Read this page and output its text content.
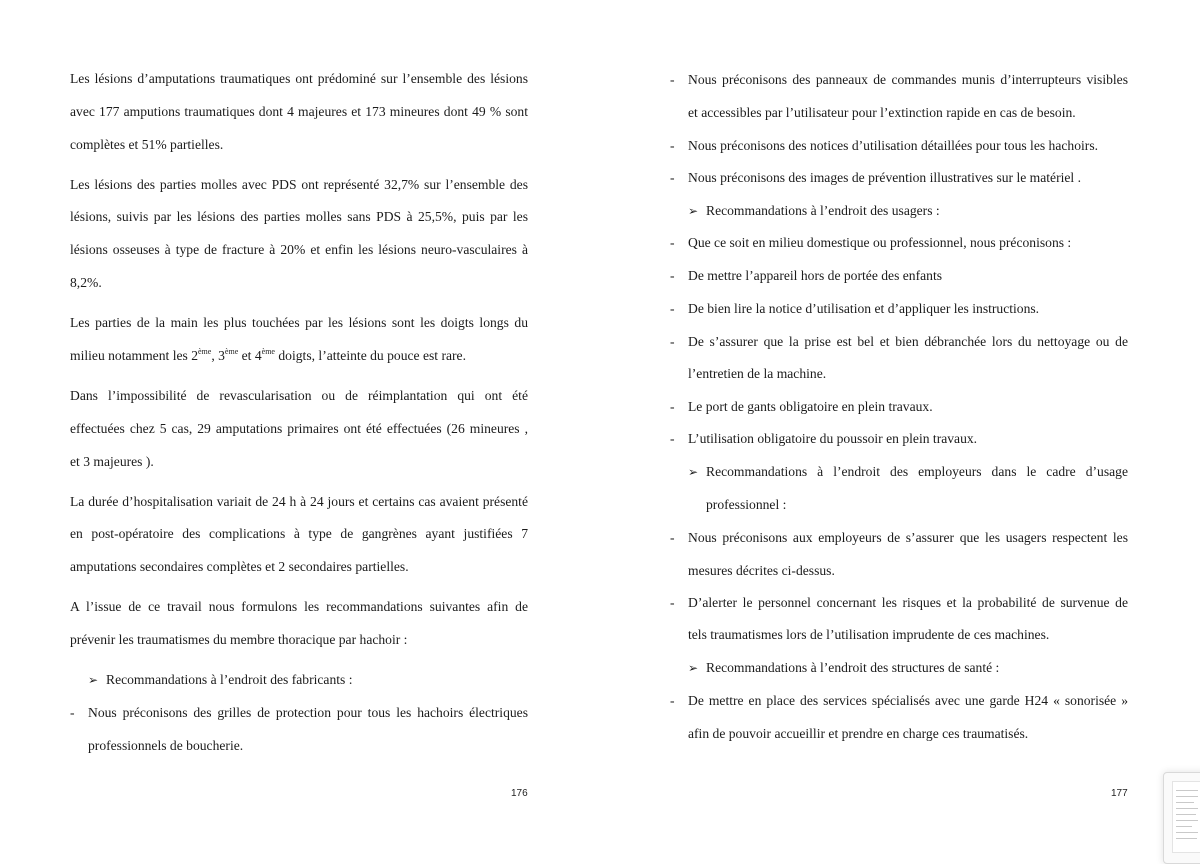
Les lésions d’amputations traumatiques ont prédominé sur l’ensemble des lésions
avec 177 amputions traumatiques dont 4 majeures et 173 mineures dont 49 % sont
complètes et 51% partielles.
Les lésions des parties molles avec PDS ont représenté 32,7% sur l’ensemble des
lésions, suivis par les lésions des parties molles sans PDS à 25,5%, puis par les
lésions osseuses à type de fracture à 20% et enfin les lésions neuro-vasculaires à
8,2%.
Les parties de la main les plus touchées par les lésions sont les doigts longs du
milieu notamment les 2ème, 3ème et 4ème doigts, l’atteinte du pouce est rare.
Dans l’impossibilité de revascularisation ou de réimplantation qui ont été
effectuées chez 5 cas, 29 amputations primaires ont été effectuées (26 mineures ,
et 3 majeures ).
La durée d’hospitalisation variait de 24 h à 24 jours et certains cas avaient présenté
en post-opératoire des complications à type de gangrènes ayant justifiées 7
amputations secondaires complètes et 2 secondaires partielles.
A l’issue de ce travail nous formulons les recommandations suivantes afin de
prévenir les traumatismes du membre thoracique par hachoir :
➢ Recommandations à l’endroit des fabricants :
- Nous préconisons des grilles de protection pour tous les hachoirs électriques
professionnels de boucherie.
176
- Nous préconisons des panneaux de commandes munis d’interrupteurs visibles
et accessibles par l’utilisateur pour l’extinction rapide en cas de besoin.
- Nous préconisons des notices d’utilisation détaillées pour tous les hachoirs.
- Nous préconisons des images de prévention illustratives sur le matériel .
➢ Recommandations à l’endroit des usagers :
- Que ce soit en milieu domestique ou professionnel, nous préconisons :
- De mettre l’appareil hors de portée des enfants
- De bien lire la notice d’utilisation et d’appliquer les instructions.
- De s’assurer que la prise est bel et bien débranchée lors du nettoyage ou de
l’entretien de la machine.
- Le port de gants obligatoire en plein travaux.
- L’utilisation obligatoire du poussoir en plein travaux.
➢ Recommandations à l’endroit des employeurs dans le cadre d’usage
professionnel :
- Nous préconisons aux employeurs de s’assurer que les usagers respectent les
mesures décrites ci-dessus.
- D’alerter le personnel concernant les risques et la probabilité de survenue de
tels traumatismes lors de l’utilisation imprudente de ces machines.
➢ Recommandations à l’endroit des structures de santé :
- De mettre en place des services spécialisés avec une garde H24 « sonorisée »
afin de pouvoir accueillir et prendre en charge ces traumatisés.
177
